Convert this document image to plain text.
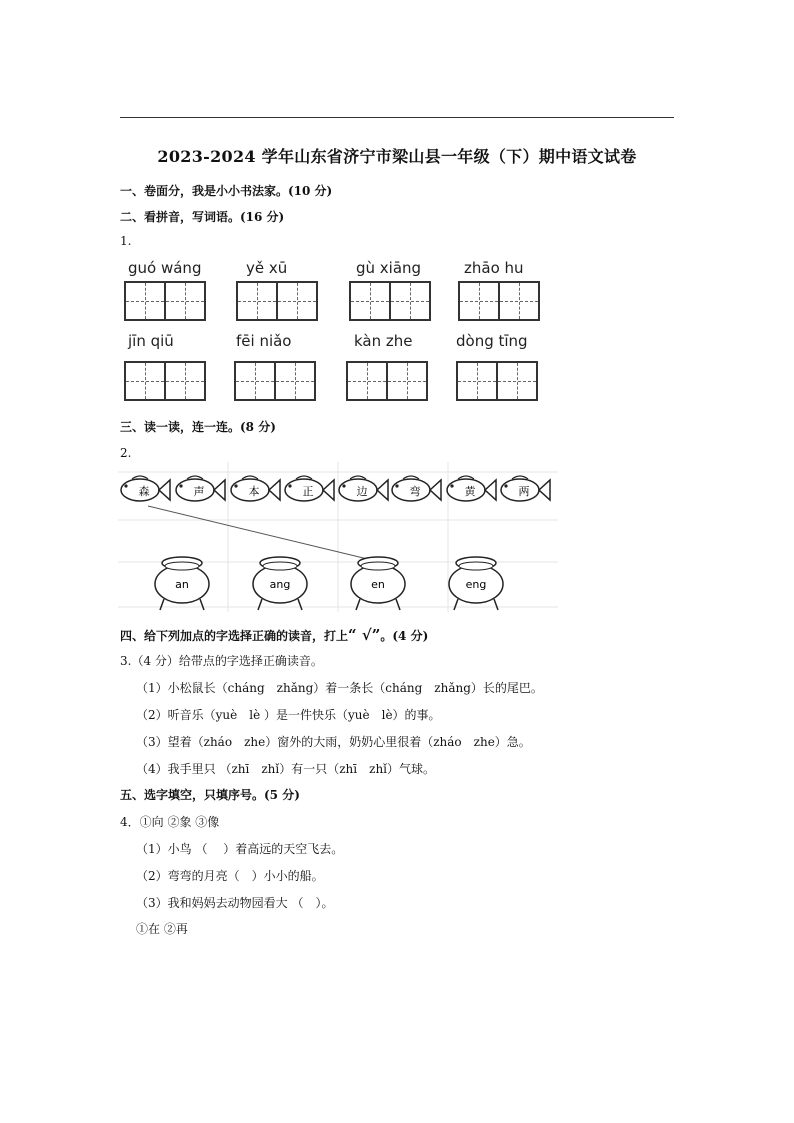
2023-2024 学年山东省济宁市梁山县一年级（下）期中语文试卷
一、卷面分，我是小小书法家。(10 分)
二、看拼音，写词语。(16 分)
1.
guó wáng	yě xū	gù xiāng	zhāo hu
jīn qiū	fēi niǎo	kàn zhe	dòng tīng
三、读一读，连一连。(8 分)
2.
森	声	本	正	边	弯	黄	两
an	ang	en	eng
四、给下列加点的字选择正确的读音，打上“ √”。(4 分)
3.（4 分）给带点的字选择正确读音。
（1）小松鼠长（cháng　zhǎng）着一条长（cháng　zhǎng）长的尾巴。
（2）听音乐（yuè　lè ）是一件快乐（yuè　lè）的事。
（3）望着（zháo　zhe）窗外的大雨，奶奶心里很着（zháo　zhe）急。
（4）我手里只 （zhī　zhǐ）有一只（zhī　zhǐ）气球。
五、选字填空，只填序号。(5 分)
4．①向 ②象 ③像
（1）小鸟 （　 ）着高远的天空飞去。
（2）弯弯的月亮（　）小小的船。
（3）我和妈妈去动物园看大 （　）。
①在 ②再
